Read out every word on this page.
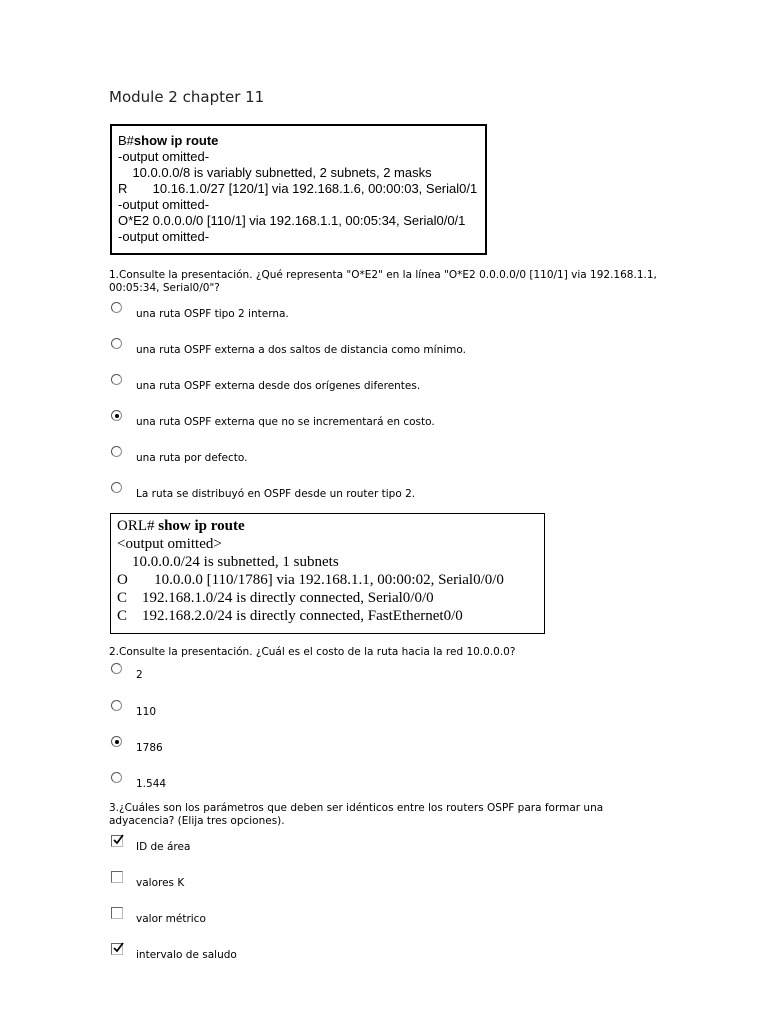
Module 2 chapter 11
B#show ip route
-output omitted-
10.0.0.0/8 is variably subnetted, 2 subnets, 2 masks
R       10.16.1.0/27 [120/1] via 192.168.1.6, 00:00:03, Serial0/1
-output omitted-
O*E2 0.0.0.0/0 [110/1] via 192.168.1.1, 00:05:34, Serial0/0/1
-output omitted-
1.Consulte la presentación. ¿Qué representa "O*E2" en la línea "O*E2 0.0.0.0/0 [110/1] via 192.168.1.1, 00:05:34, Serial0/0"?
una ruta OSPF tipo 2 interna.
una ruta OSPF externa a dos saltos de distancia como mínimo.
una ruta OSPF externa desde dos orígenes diferentes.
una ruta OSPF externa que no se incrementará en costo.
una ruta por defecto.
La ruta se distribuyó en OSPF desde un router tipo 2.
ORL# show ip route
<output omitted>
10.0.0.0/24 is subnetted, 1 subnets
O       10.0.0.0 [110/1786] via 192.168.1.1, 00:00:02, Serial0/0/0
C    192.168.1.0/24 is directly connected, Serial0/0/0
C    192.168.2.0/24 is directly connected, FastEthernet0/0
2.Consulte la presentación. ¿Cuál es el costo de la ruta hacia la red 10.0.0.0?
2
110
1786
1.544
3.¿Cuáles son los parámetros que deben ser idénticos entre los routers OSPF para formar una adyacencia? (Elija tres opciones).
ID de área
valores K
valor métrico
intervalo de saludo
